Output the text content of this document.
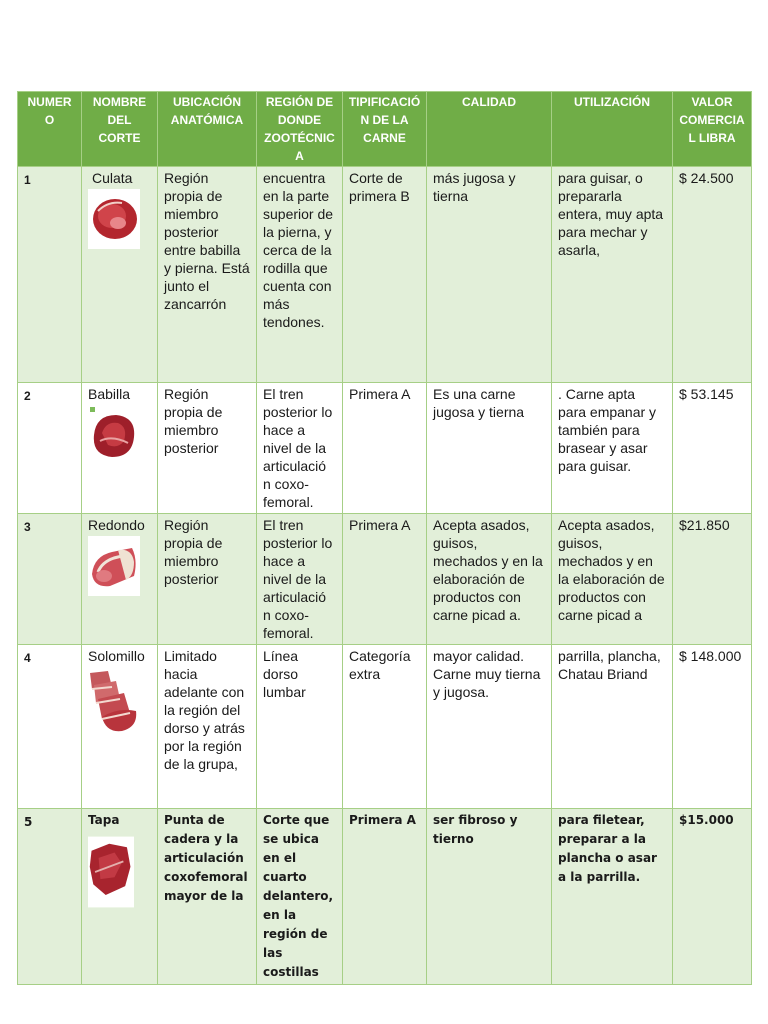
NUMER O	NOMBRE DEL CORTE	UBICACIÓN ANATÓMICA	REGIÓN DE DONDE ZOOTÉCNIC A	TIPIFICACIÓ N DE LA CARNE	CALIDAD	UTILIZACIÓN	VALOR COMERCIA L LIBRA
1	Culata	Región propia de miembro posterior entre babilla y pierna. Está junto el zancarrón	encuentra en la parte superior de la pierna, y cerca de la rodilla que cuenta con más tendones.	Corte de primera B	más jugosa y tierna	para guisar, o prepararla entera, muy apta para mechar y asarla,	$ 24.500
2	Babilla	Región propia de miembro posterior	El tren posterior lo hace a nivel de la articulació n coxo-femoral.	Primera A	Es una carne jugosa y tierna	. Carne apta para empanar y también para brasear y asar para guisar.	$ 53.145
3	Redondo	Región propia de miembro posterior	El tren posterior lo hace a nivel de la articulació n coxo-femoral.	Primera A	Acepta asados, guisos, mechados y en la elaboración de productos con carne picad a.	Acepta asados, guisos, mechados y en la elaboración de productos con carne picad a	$21.850
4	Solomillo	Limitado hacia adelante con la región del dorso y atrás por la región de la grupa,	Línea dorso lumbar	Categoría extra	mayor calidad. Carne muy tierna y jugosa.	parrilla, plancha, Chatau Briand	$ 148.000
5	Tapa	Punta de cadera y la articulación coxofemoral mayor de la	Corte que se ubica en el cuarto delantero, en la región de las costillas	Primera A	ser fibroso y tierno	para filetear, preparar a la plancha o asar a la parrilla.	$15.000
